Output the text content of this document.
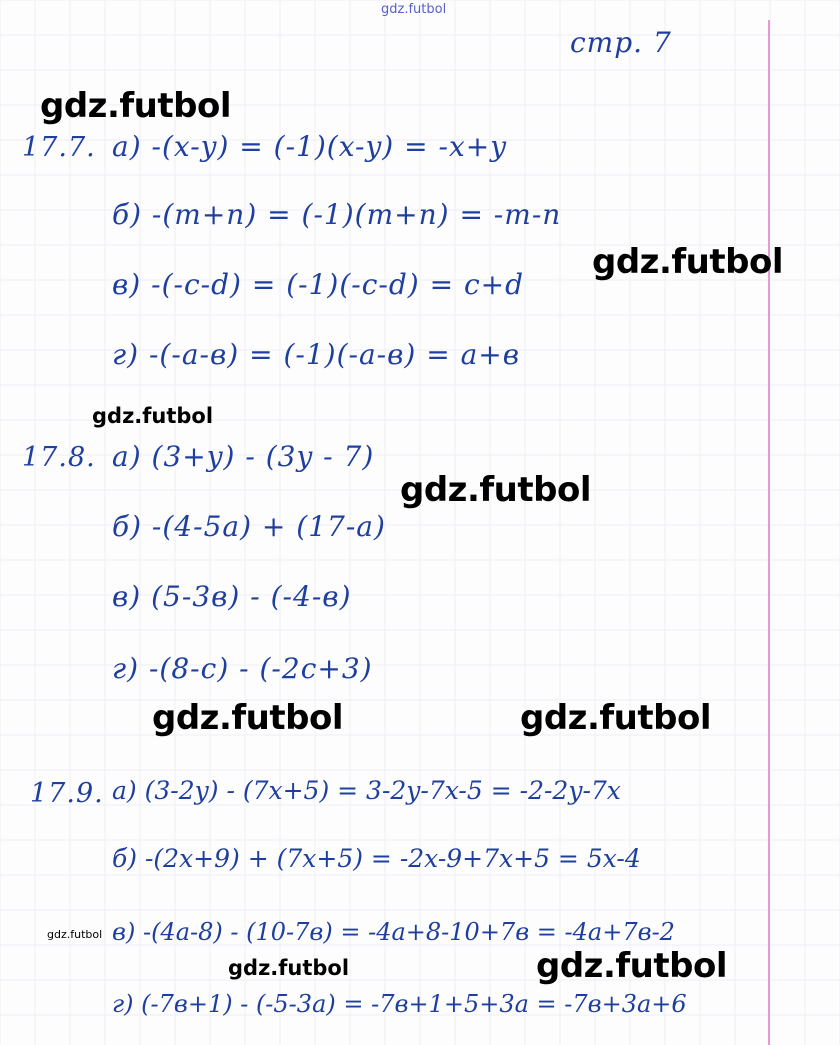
gdz.futbol
стр. 7
17.7. а) -(x-y) = (-1)(x-y) = -x+y
б) -(m+n) = (-1)(m+n) = -m-n
в) -(-c-d) = (-1)(-c-d) = c+d
г) -(-a-в) = (-1)(-a-в) = a+в
17.8. а) (3+y) - (3y - 7)
б) -(4-5a) + (17-a)
в) (5-3в) - (-4-в)
г) -(8-c) - (-2c+3)
17.9. а) (3-2y) - (7x+5) = 3-2y-7x-5 = -2-2y-7x
б) -(2x+9) + (7x+5) = -2x-9+7x+5 = 5x-4
в) -(4a-8) - (10-7в) = -4a+8-10+7в = -4a+7в-2
г) (-7в+1) - (-5-3a) = -7в+1+5+3a = -7в+3a+6
gdz.futbol
gdz.futbol
gdz.futbol
gdz.futbol
gdz.futbol	gdz.futbol
gdz.futbol
gdz.futbol	gdz.futbol
